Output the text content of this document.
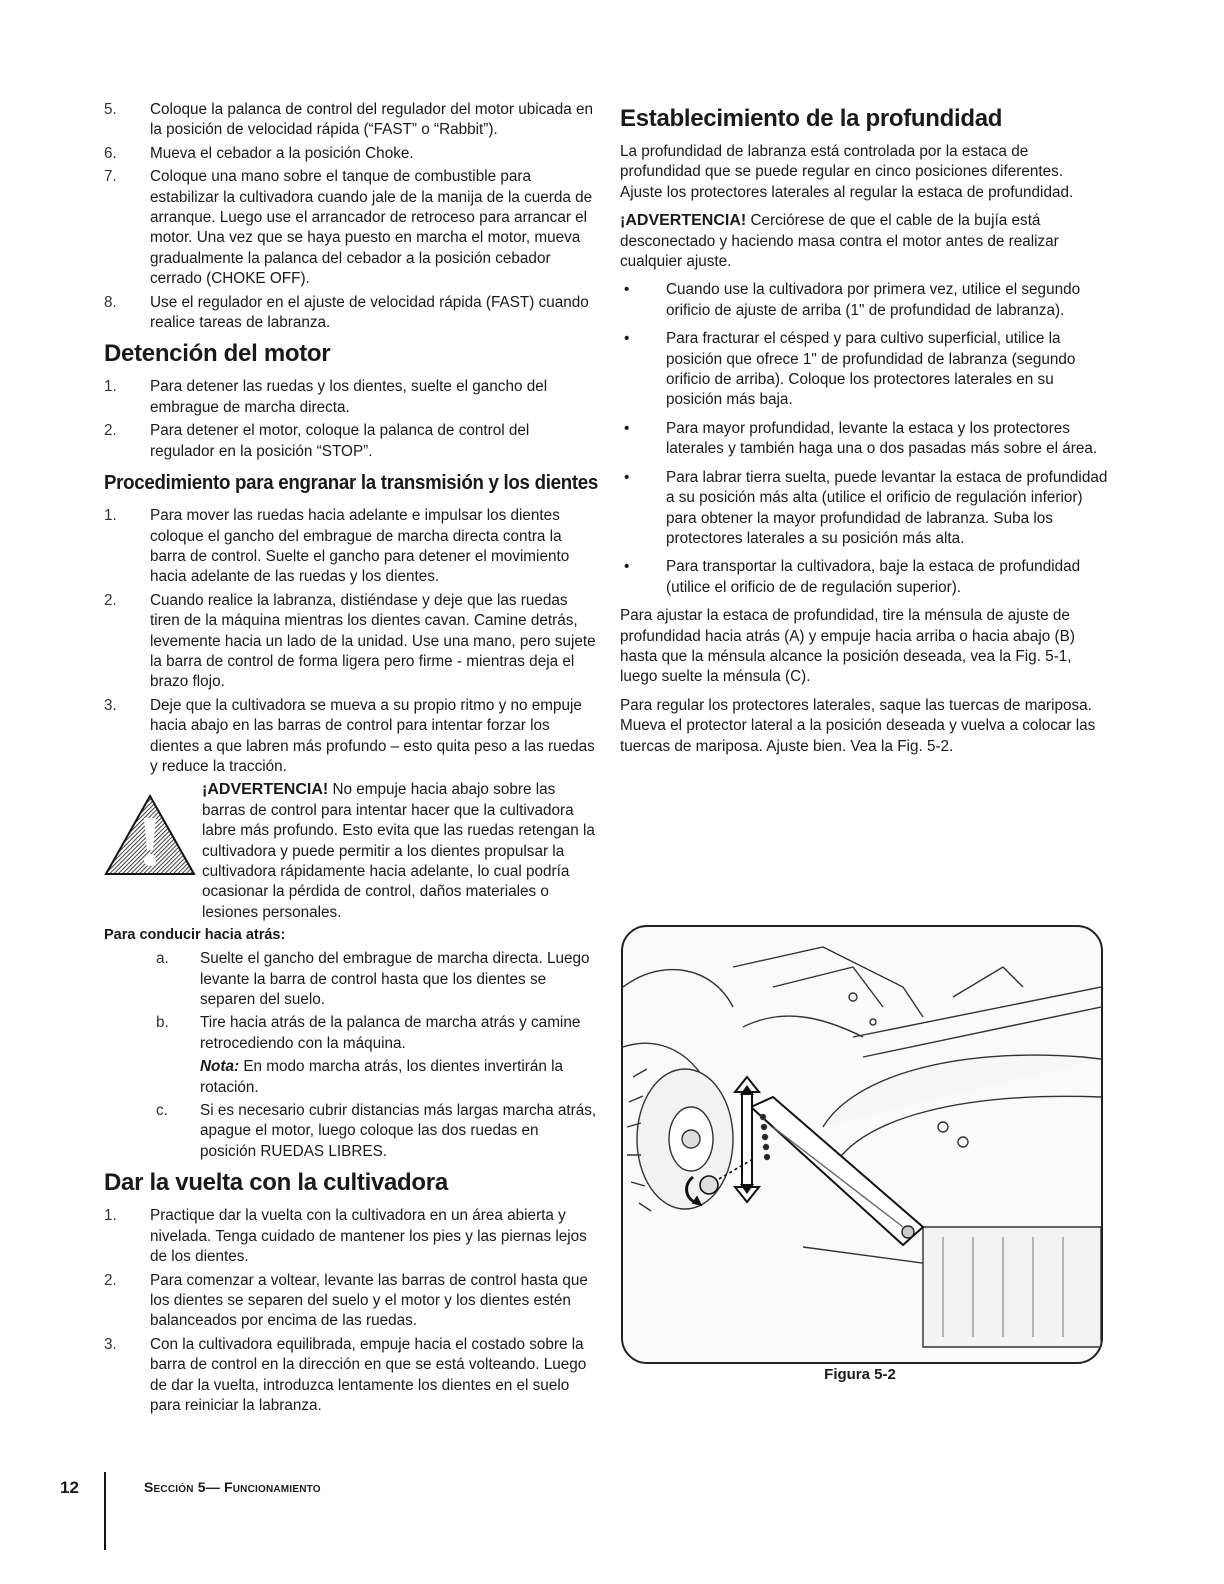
5.	Coloque la palanca de control del regulador del motor ubicada en la posición de velocidad rápida (“FAST” o “Rabbit”).
6.	Mueva el cebador a la posición Choke.
7.	Coloque una mano sobre el tanque de combustible para estabilizar la cultivadora cuando jale de la manija de la cuerda de arranque. Luego use el arrancador de retroceso para arrancar el motor. Una vez que se haya puesto en marcha el motor, mueva gradualmente la palanca del cebador a la posición cebador cerrado (CHOKE OFF).
8.	Use el regulador en el ajuste de velocidad rápida (FAST) cuando realice tareas de labranza.
Detención del motor
1.	Para detener las ruedas y los dientes, suelte el gancho del embrague de marcha directa.
2.	Para detener el motor, coloque la palanca de control del regulador en la posición “STOP”.
Procedimiento para engranar la transmisión y los dientes
1.	Para mover las ruedas hacia adelante e impulsar los dientes coloque el gancho del embrague de marcha directa contra la barra de control. Suelte el gancho para detener el movimiento hacia adelante de las ruedas y los dientes.
2.	Cuando realice la labranza, distiéndase y deje que las ruedas tiren de la máquina mientras los dientes cavan. Camine detrás, levemente hacia un lado de la unidad. Use una mano, pero sujete la barra de control de forma ligera pero firme - mientras deja el brazo flojo.
3.	Deje que la cultivadora se mueva a su propio ritmo y no empuje hacia abajo en las barras de control para intentar forzar los dientes a que labren más profundo – esto quita peso a las ruedas y reduce la tracción.
¡ADVERTENCIA! No empuje hacia abajo sobre las barras de control para intentar hacer que la cultivadora labre más profundo. Esto evita que las ruedas retengan la cultivadora y puede permitir a los dientes propulsar la cultivadora rápidamente hacia adelante, lo cual podría ocasionar la pérdida de control, daños materiales o lesiones personales.
Para conducir hacia atrás:
a.	Suelte el gancho del embrague de marcha directa. Luego levante la barra de control hasta que los dientes se separen del suelo.
b.	Tire hacia atrás de la palanca de marcha atrás y camine retrocediendo con la máquina.
Nota: En modo marcha atrás, los dientes invertirán la rotación.
c.	Si es necesario cubrir distancias más largas marcha atrás, apague el motor, luego coloque las dos ruedas en posición RUEDAS LIBRES.
Dar la vuelta con la cultivadora
1.	Practique dar la vuelta con la cultivadora en un área abierta y nivelada. Tenga cuidado de mantener los pies y las piernas lejos de los dientes.
2.	Para comenzar a voltear, levante las barras de control hasta que los dientes se separen del suelo y el motor y los dientes estén balanceados por encima de las ruedas.
3.	Con la cultivadora equilibrada, empuje hacia el costado sobre la barra de control en la dirección en que se está volteando. Luego de dar la vuelta, introduzca lentamente los dientes en el suelo para reiniciar la labranza.
Establecimiento de la profundidad

La profundidad de labranza está controlada por la estaca de profundidad que se puede regular en cinco posiciones diferentes. Ajuste los protectores laterales al regular la estaca de profundidad.

¡ADVERTENCIA! Cerciórese de que el cable de la bujía está desconectado y haciendo masa contra el motor antes de realizar cualquier ajuste.

•	Cuando use la cultivadora por primera vez, utilice el segundo orificio de ajuste de arriba (1" de profundidad de labranza).
•	Para fracturar el césped y para cultivo superficial, utilice la posición que ofrece 1" de profundidad de labranza (segundo orificio de arriba). Coloque los protectores laterales en su posición más baja.
•	Para mayor profundidad, levante la estaca y los protectores laterales y también haga una o dos pasadas más sobre el área.
•	Para labrar tierra suelta, puede levantar la estaca de profundidad a su posición más alta (utilice el orificio de regulación inferior) para obtener la mayor profundidad de labranza. Suba los protectores laterales a su posición más alta.
•	Para transportar la cultivadora, baje la estaca de profundidad (utilice el orificio de de regulación superior).

Para ajustar la estaca de profundidad, tire la ménsula de ajuste de profundidad hacia atrás (A) y empuje hacia arriba o hacia abajo (B) hasta que la ménsula alcance la posición deseada, vea la Fig. 5-1, luego suelte la ménsula (C).

Para regular los protectores laterales, saque las tuercas de mariposa. Mueva el protector lateral a la posición deseada y vuelva a colocar las tuercas de mariposa. Ajuste bien. Vea la Fig. 5-2.

Figura 5-2
12	Sección 5— Funcionamiento
